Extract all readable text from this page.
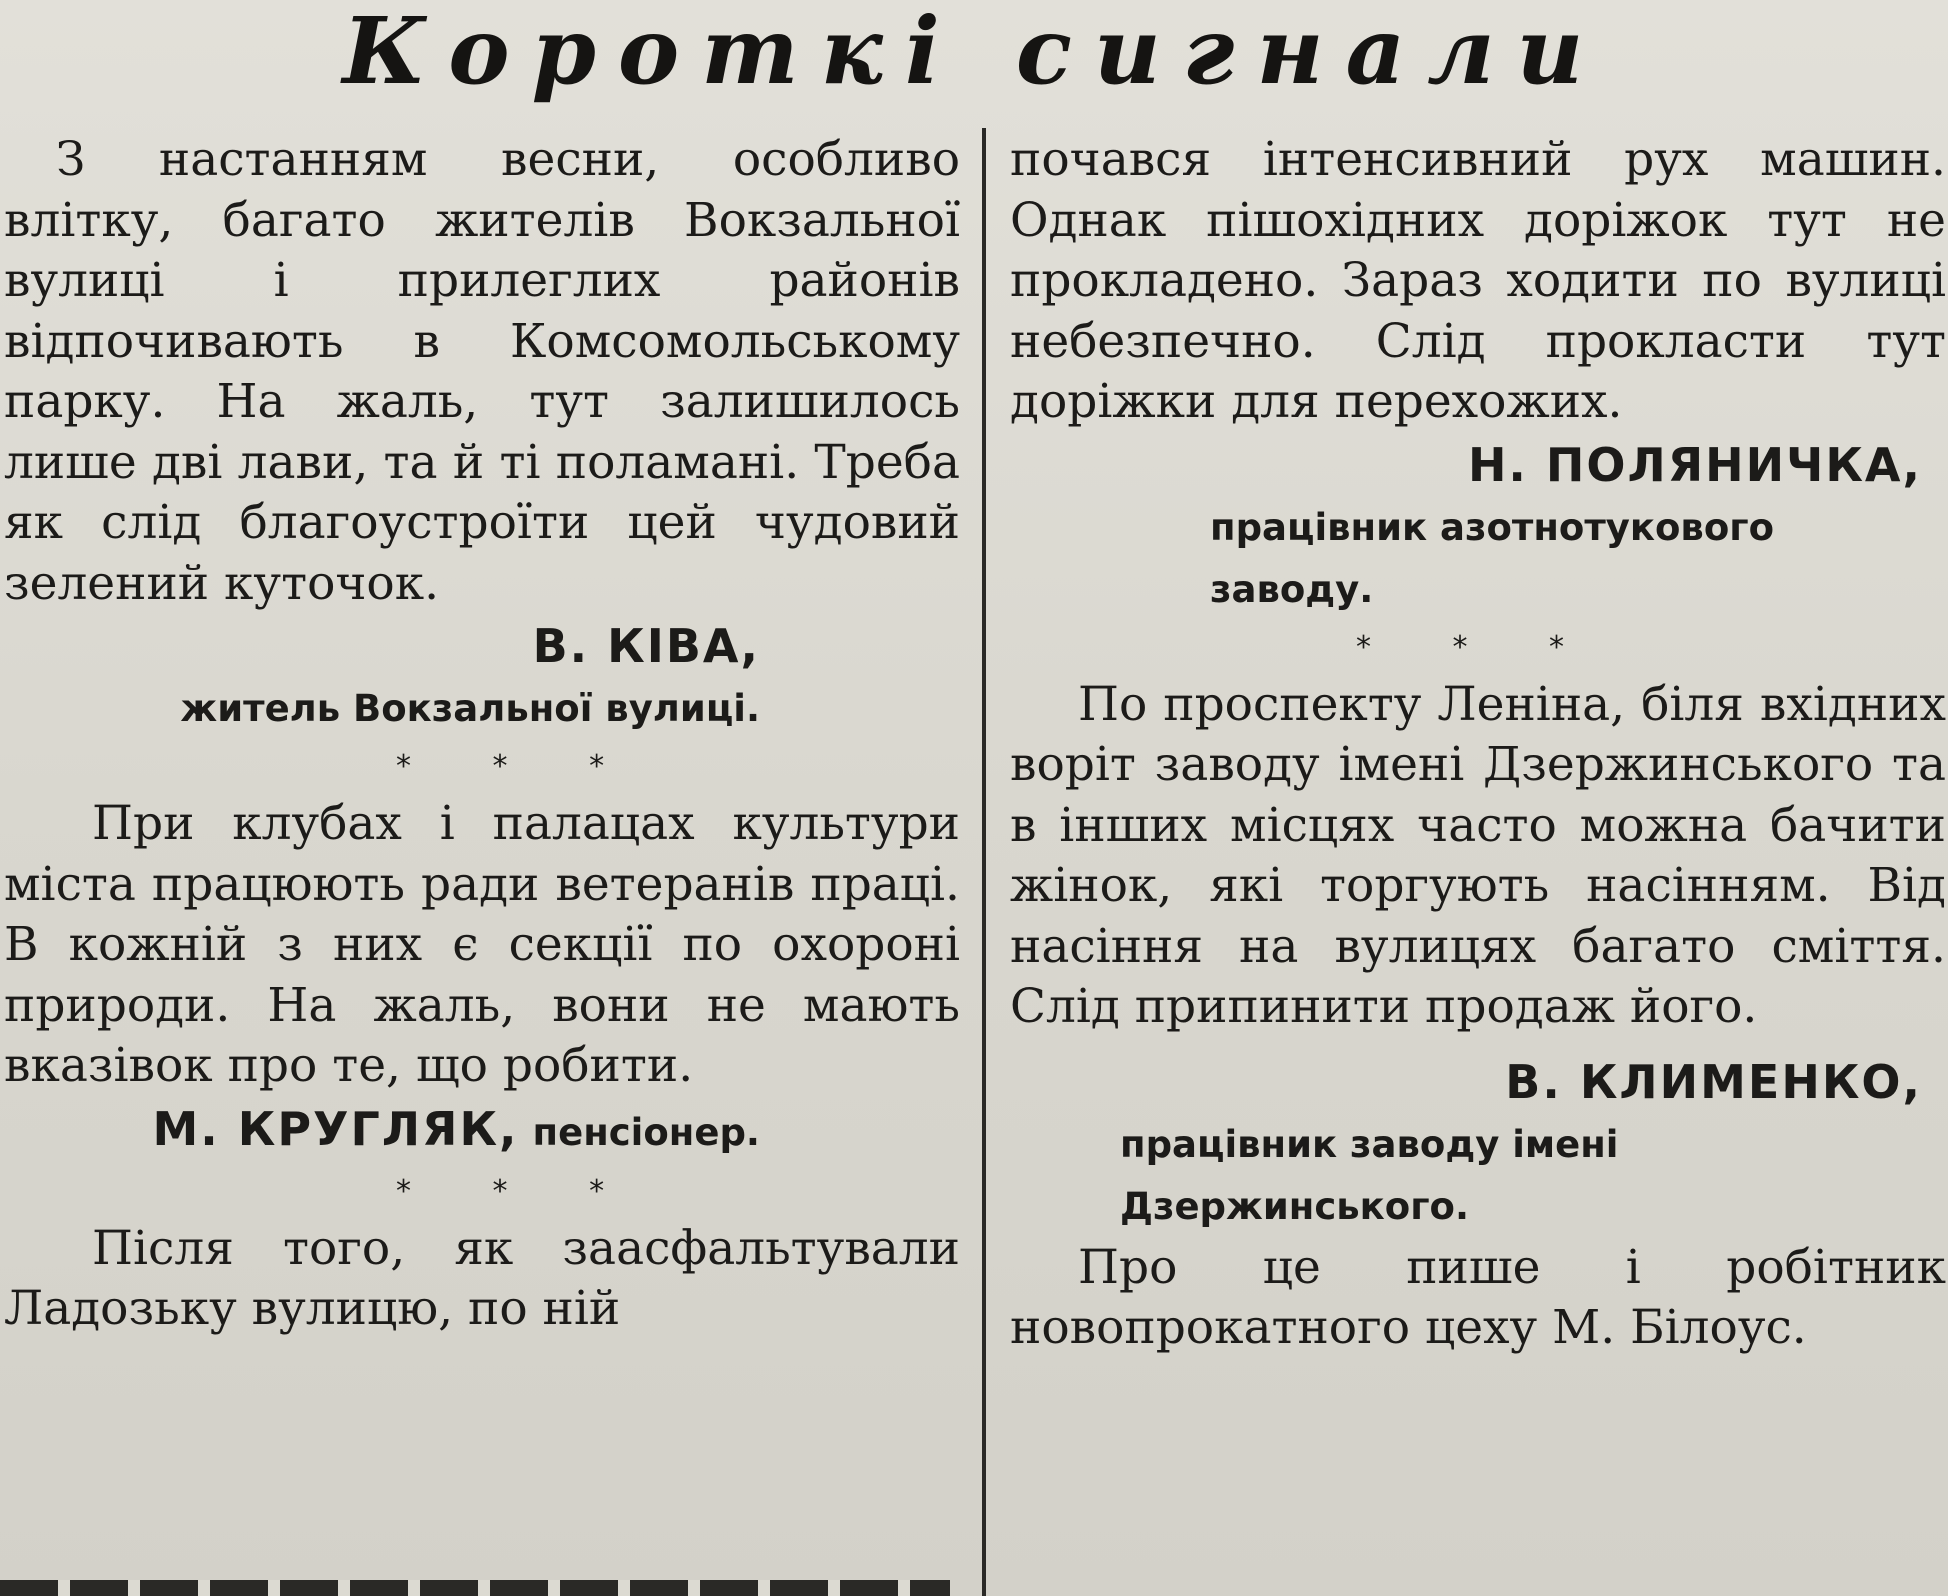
Короткі сигнали

З настанням весни, особливо влітку, багато жителів Вокзальної вулиці і прилеглих районів відпочивають в Комсомольському парку. На жаль, тут залишилось лише дві лави, та й ті поламані. Треба як слід благоустроїти цей чудовий зелений куточок.

В. КІВА,

житель Вокзальної вулиці.

* * *

При клубах і палацах культури міста працюють ради ветеранів праці. В кожній з них є секції по охороні природи. На жаль, вони не мають вказівок про те, що робити.

М. КРУГЛЯК, пенсіонер.

* * *

Після того, як заасфальтували Ладозьку вулицю, по ній

почався інтенсивний рух машин. Однак пішохідних доріжок тут не прокладено. Зараз ходити по вулиці небезпечно. Слід прокласти тут доріжки для перехожих.

Н. ПОЛЯНИЧКА,

працівник азотнотукового заводу.

* * *

По проспекту Леніна, біля вхідних воріт заводу імені Дзержинського та в інших місцях часто можна бачити жінок, які торгують насінням. Від насіння на вулицях багато сміття. Слід припинити продаж його.

В. КЛИМЕНКО,

працівник заводу імені Дзержинського.

Про це пише і робітник новопрокатного цеху М. Білоус.
